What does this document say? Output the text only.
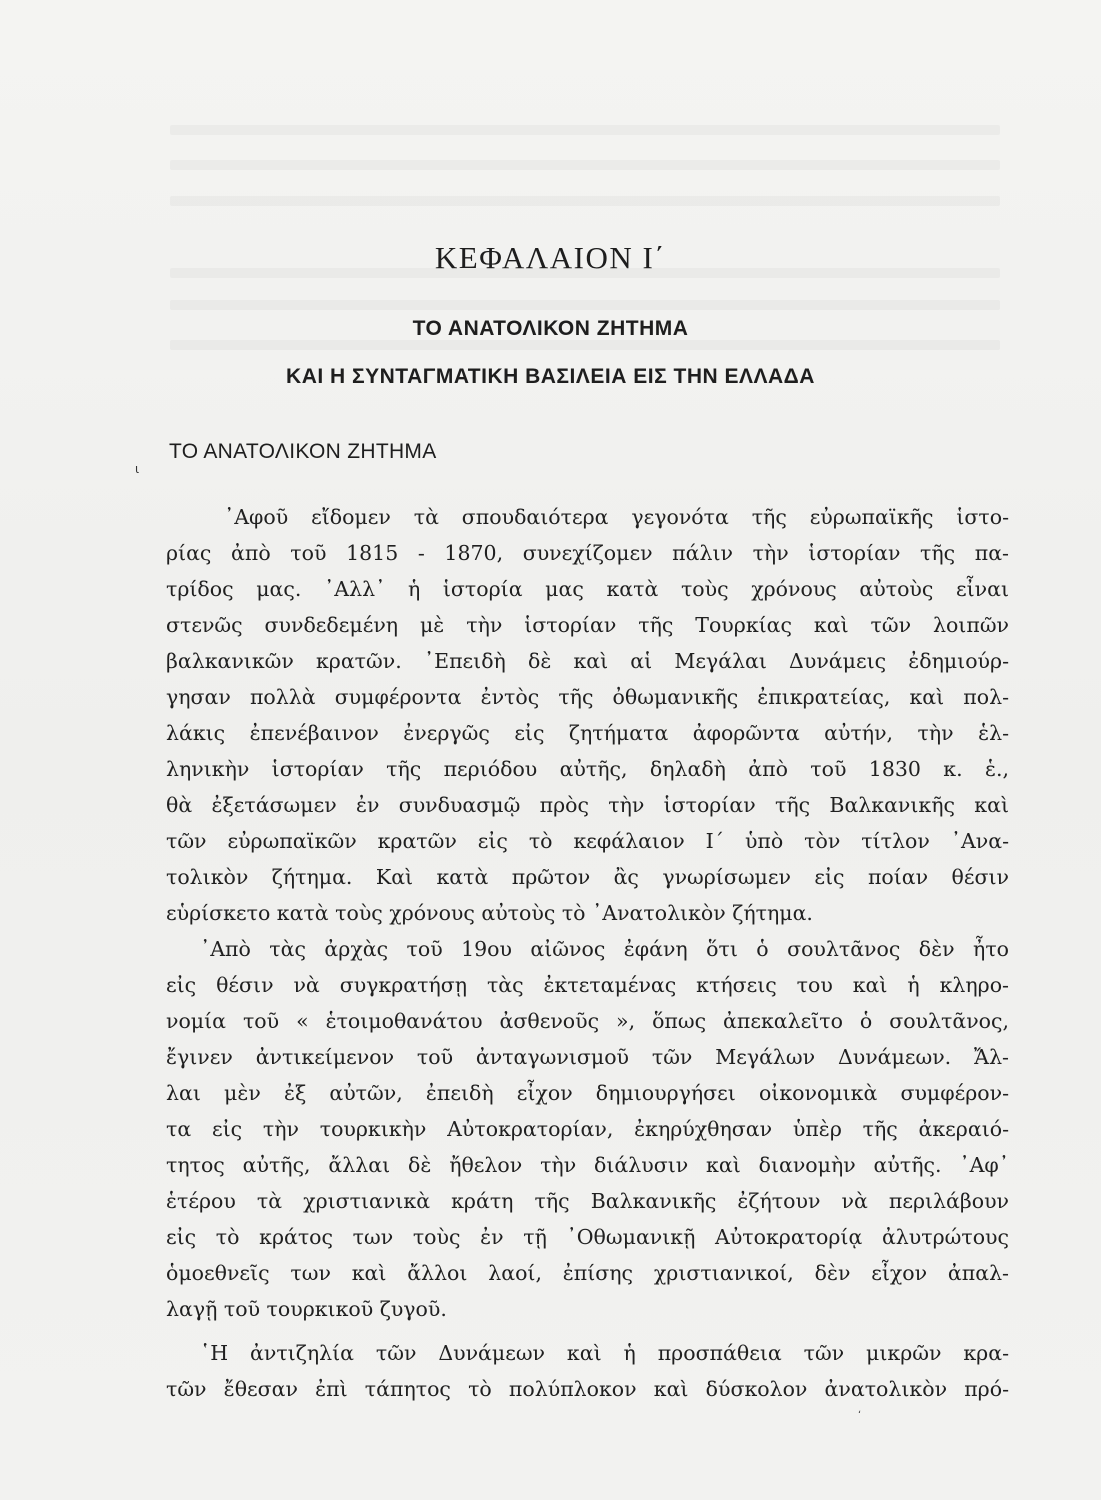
ΚΕΦΑΛΑΙΟΝ Ι΄
ΤΟ ΑΝΑΤΟΛΙΚΟΝ ΖΗΤΗΜΑ
ΚΑΙ Η ΣΥΝΤΑΓΜΑΤΙΚΗ ΒΑΣΙΛΕΙΑ ΕΙΣ ΤΗΝ ΕΛΛΑΔΑ
ΤΟ ΑΝΑΤΟΛΙΚΟΝ ΖΗΤΗΜΑ
ɩ
᾿Αφοῦ εἴδομεν τὰ σπουδαιότερα γεγονότα τῆς εὐρωπαϊκῆς ἱστο-
ρίας ἀπὸ τοῦ 1815 - 1870, συνεχίζομεν πάλιν τὴν ἱστορίαν τῆς πα-
τρίδος μας. ᾿Αλλ᾿ ἡ ἱστορία μας κατὰ τοὺς χρόνους αὐτοὺς εἶναι
στενῶς συνδεδεμένη μὲ τὴν ἱστορίαν τῆς Τουρκίας καὶ τῶν λοιπῶν
βαλκανικῶν κρατῶν. ᾿Επειδὴ δὲ καὶ αἱ Μεγάλαι Δυνάμεις ἐδημιούρ-
γησαν πολλὰ συμφέροντα ἐντὸς τῆς ὀθωμανικῆς ἐπικρατείας, καὶ πολ-
λάκις ἐπενέβαινον ἐνεργῶς εἰς ζητήματα ἀφορῶντα αὐτήν, τὴν ἑλ-
ληνικὴν ἱστορίαν τῆς περιόδου αὐτῆς, δηλαδὴ ἀπὸ τοῦ 1830 κ. ἑ.,
θὰ ἐξετάσωμεν ἐν συνδυασμῷ πρὸς τὴν ἱστορίαν τῆς Βαλκανικῆς καὶ
τῶν εὐρωπαϊκῶν κρατῶν εἰς τὸ κεφάλαιον Ι΄ ὑπὸ τὸν τίτλον ᾿Ανα-
τολικὸν ζήτημα. Καὶ κατὰ πρῶτον ἂς γνωρίσωμεν εἰς ποίαν θέσιν
εὑρίσκετο κατὰ τοὺς χρόνους αὐτοὺς τὸ ᾿Ανατολικὸν ζήτημα.
᾿Απὸ τὰς ἀρχὰς τοῦ 19ου αἰῶνος ἐφάνη ὅτι ὁ σουλτᾶνος δὲν ἦτο
εἰς θέσιν νὰ συγκρατήσῃ τὰς ἐκτεταμένας κτήσεις του καὶ ἡ κληρο-
νομία τοῦ « ἑτοιμοθανάτου ἀσθενοῦς », ὅπως ἀπεκαλεῖτο ὁ σουλτᾶνος,
ἔγινεν ἀντικείμενον τοῦ ἀνταγωνισμοῦ τῶν Μεγάλων Δυνάμεων. Ἄλ-
λαι μὲν ἐξ αὐτῶν, ἐπειδὴ εἶχον δημιουργήσει οἰκονομικὰ συμφέρον-
τα εἰς τὴν τουρκικὴν Αὐτοκρατορίαν, ἐκηρύχθησαν ὑπὲρ τῆς ἀκεραιό-
τητος αὐτῆς, ἄλλαι δὲ ἤθελον τὴν διάλυσιν καὶ διανομὴν αὐτῆς. ᾿Αφ᾿
ἑτέρου τὰ χριστιανικὰ κράτη τῆς Βαλκανικῆς ἐζήτουν νὰ περιλάβουν
εἰς τὸ κράτος των τοὺς ἐν τῇ ᾿Οθωμανικῇ Αὐτοκρατορίᾳ ἀλυτρώτους
ὁμοεθνεῖς των καὶ ἄλλοι λαοί, ἐπίσης χριστιανικοί, δὲν εἶχον ἀπαλ-
λαγῇ τοῦ τουρκικοῦ ζυγοῦ.
῾Η ἀντιζηλία τῶν Δυνάμεων καὶ ἡ προσπάθεια τῶν μικρῶν κρα-
τῶν ἔθεσαν ἐπὶ τάπητος τὸ πολύπλοκον καὶ δύσκολον ἀνατολικὸν πρό-
ʻ
